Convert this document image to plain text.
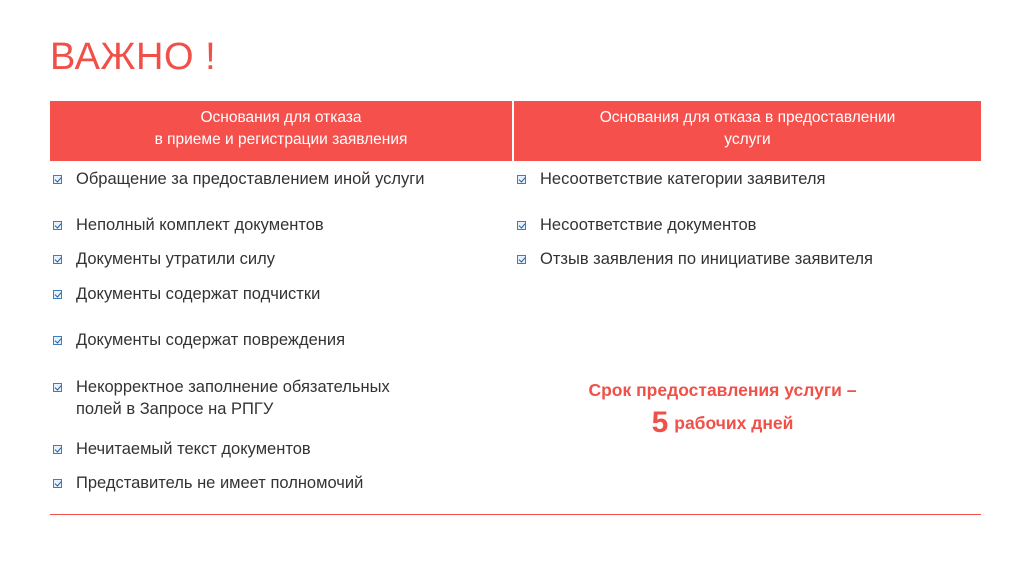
ВАЖНО !
Основания для отказа
в приеме и регистрации заявления
Основания для отказа в предоставлении
услуги
Обращение за предоставлением иной услуги
Неполный комплект документов
Документы утратили силу
Документы содержат подчистки
Документы содержат повреждения
Некорректное заполнение обязательных
полей в Запросе на РПГУ
Нечитаемый текст документов
Представитель не имеет полномочий
Несоответствие категории заявителя
Несоответствие документов
Отзыв заявления по инициативе заявителя
Срок предоставления услуги –
5 рабочих дней
